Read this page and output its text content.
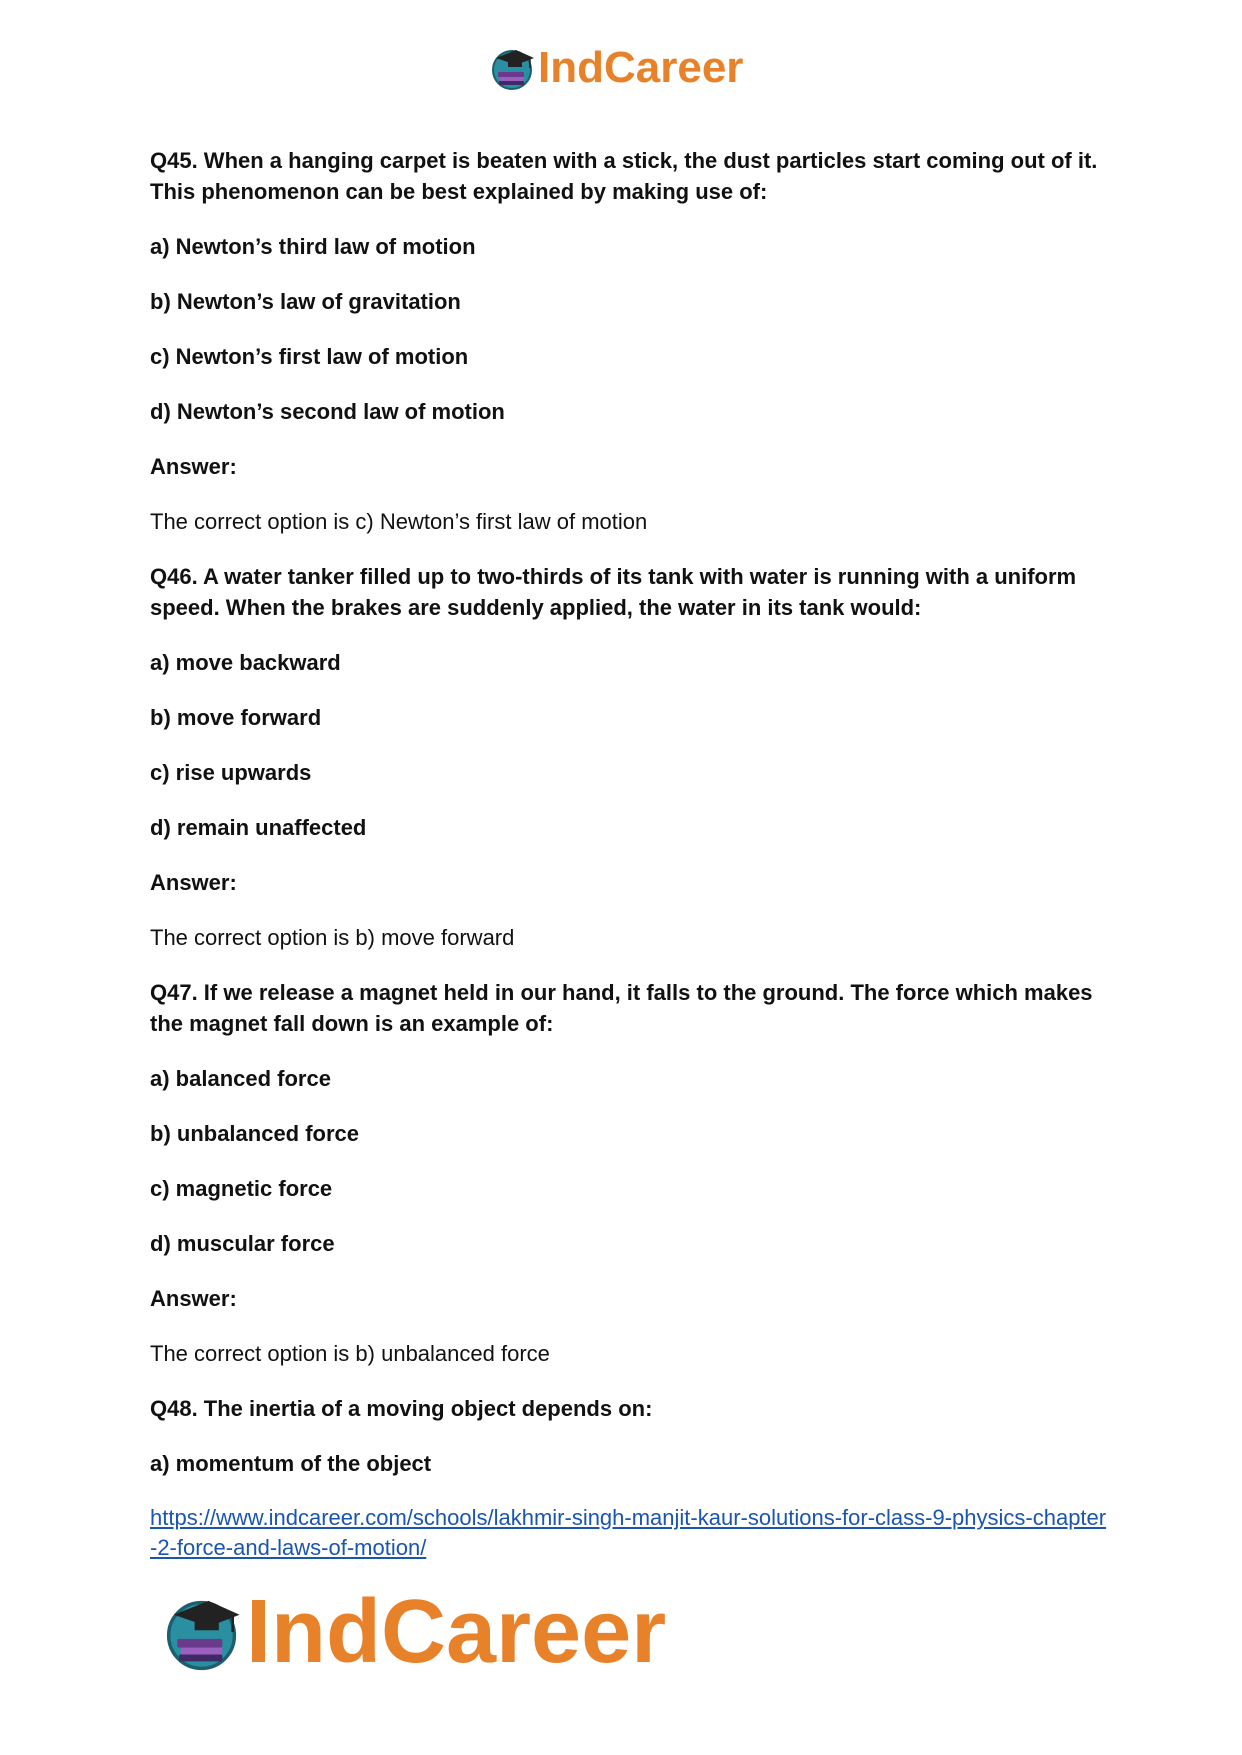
IndCareer

Q45. When a hanging carpet is beaten with a stick, the dust particles start coming out of it. This phenomenon can be best explained by making use of:

a) Newton’s third law of motion

b) Newton’s law of gravitation

c) Newton’s first law of motion

d) Newton’s second law of motion

Answer:

The correct option is c) Newton’s first law of motion

Q46. A water tanker filled up to two-thirds of its tank with water is running with a uniform speed. When the brakes are suddenly applied, the water in its tank would:

a) move backward

b) move forward

c) rise upwards

d) remain unaffected

Answer:

The correct option is b) move forward

Q47. If we release a magnet held in our hand, it falls to the ground. The force which makes the magnet fall down is an example of:

a) balanced force

b) unbalanced force

c) magnetic force

d) muscular force

Answer:

The correct option is b) unbalanced force

Q48. The inertia of a moving object depends on:

a) momentum of the object

https://www.indcareer.com/schools/lakhmir-singh-manjit-kaur-solutions-for-class-9-physics-chapter-2-force-and-laws-of-motion/
IndCareer
